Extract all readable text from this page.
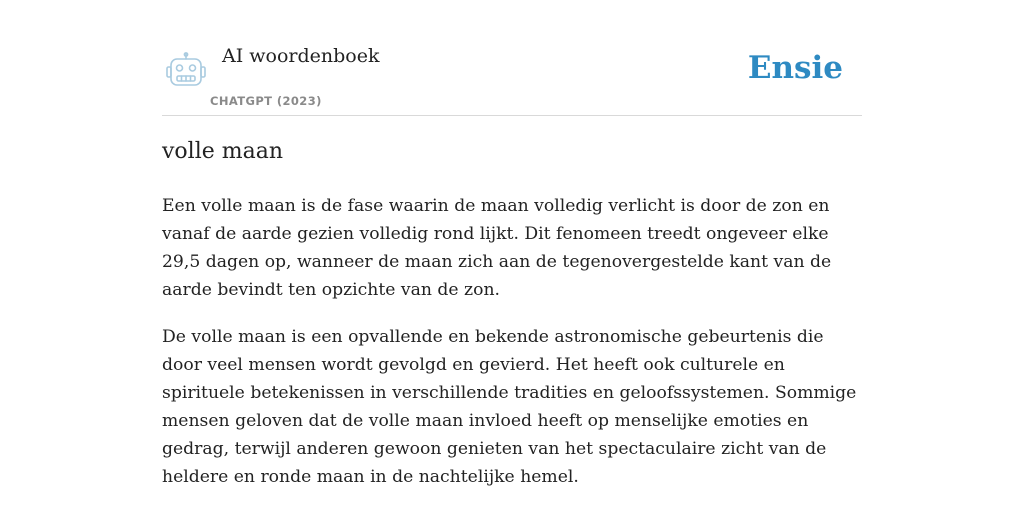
AI woordenboek
CHATGPT (2023)
Ensie
volle maan

Een volle maan is de fase waarin de maan volledig verlicht is door de zon en vanaf de aarde gezien volledig rond lijkt. Dit fenomeen treedt ongeveer elke 29,5 dagen op, wanneer de maan zich aan de tegenovergestelde kant van de aarde bevindt ten opzichte van de zon.

De volle maan is een opvallende en bekende astronomische gebeurtenis die door veel mensen wordt gevolgd en gevierd. Het heeft ook culturele en spirituele betekenissen in verschillende tradities en geloofssystemen. Sommige mensen geloven dat de volle maan invloed heeft op menselijke emoties en gedrag, terwijl anderen gewoon genieten van het spectaculaire zicht van de heldere en ronde maan in de nachtelijke hemel.
